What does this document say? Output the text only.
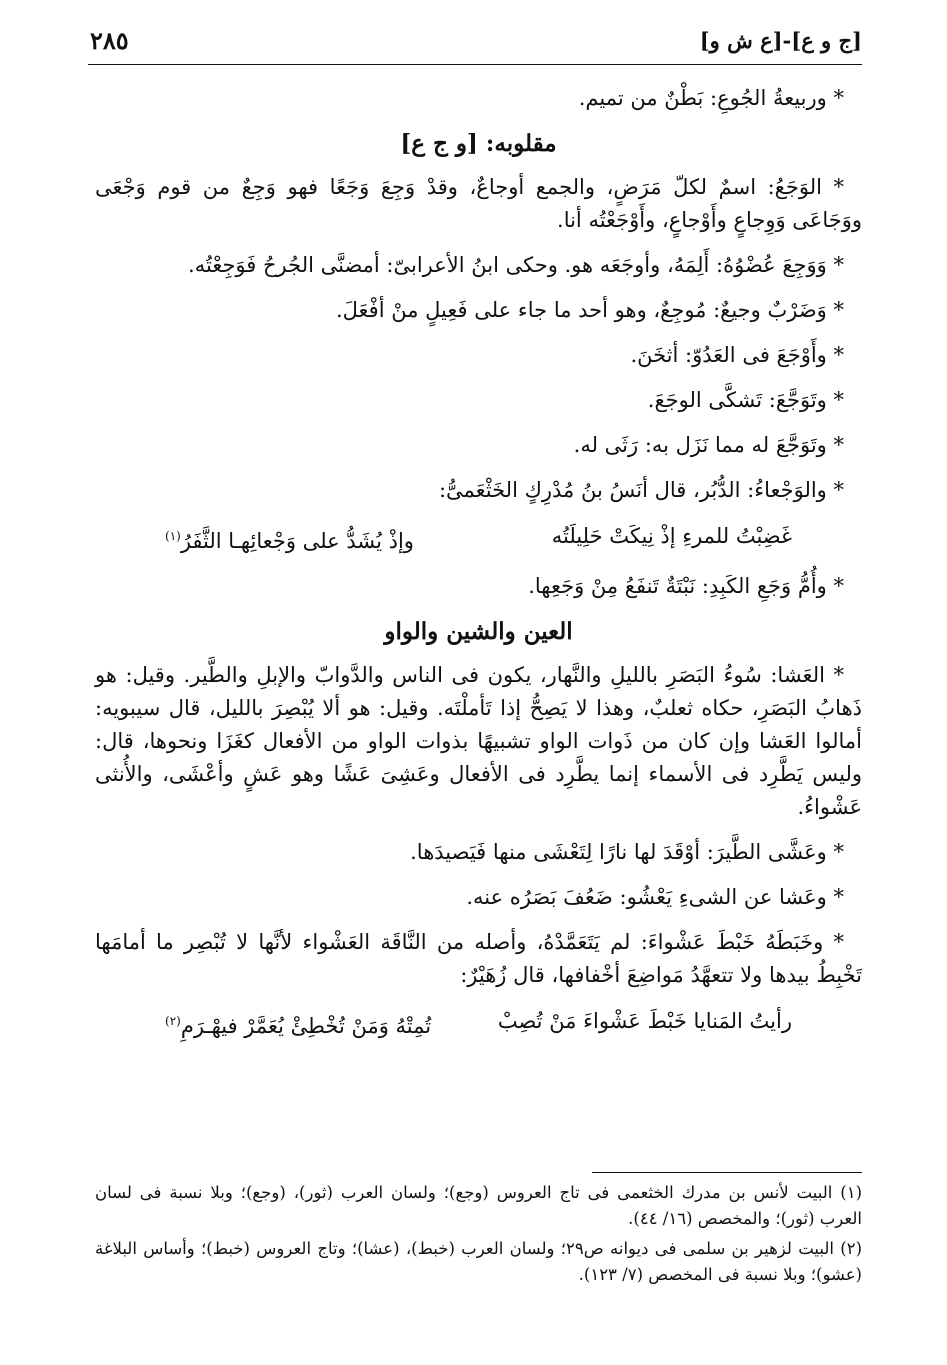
[ج و ع]-[ع ش و]
٢٨٥

* وربيعةُ الجُوعِ: بَطْنٌ من تميم.

مقلوبه: [و ج ع]

* الوَجَعُ: اسمٌ لكلّ مَرَضٍ، والجمع أوجاعٌ، وقدْ وَجِعَ وَجَعًا فهو وَجِعٌ من قوم وَجْعَى ووَجَاعَى وَوِجاعٍ وأَوْجاعٍ، وأَوْجَعْتُه أنا.

* وَوَجِعَ عُضْوُهُ: أَلِمَهُ، وأوجَعَه هو. وحكى ابنُ الأعرابىّ: أمضنَّى الجُرحُ فَوَجِعْتُه.

* وَضَرْبٌ وجيعٌ: مُوجِعٌ، وهو أحد ما جاء على فَعِيلٍ منْ أفْعَلَ.

* وأَوْجَعَ فى العَدُوّ: أثخَنَ.

* وتَوَجَّعَ: تَشكَّى الوجَعَ.

* وتَوَجَّعَ له مما نَزَل به: رَثَى له.

* والوَجْعاءُ: الدُّبُر، قال أنَسُ بنُ مُدْرِكٍ الخَثْعَمىُّ:

غَضِبْتُ للمرءِ إذْ نِيكَتْ حَلِيلَتُه
وإذْ يُشَدُّ على وَجْعائِهـا الثَّفَرُ$^{(١)}$

* وأُمُّ وَجَعِ الكَبِدِ: نَبْتَةٌ تَنفَعُ مِنْ وَجَعِها.

العين والشين والواو

* العَشا: سُوءُ البَصَرِ بالليلِ والنَّهار، يكون فى الناس والدَّوابّ والإبلِ والطَّير. وقيل: هو ذَهابُ البَصَرِ، حكاه ثعلبٌ، وهذا لا يَصِحُّ إذا تَأملْتَه. وقيل: هو ألا يُبْصِرَ بالليل، قال سيبويه: أمالوا العَشا وإن كان من ذَوات الواو تشبيهًا بذوات الواو من الأفعال كغَزَا ونحوها، قال: وليس يَطَّرِد فى الأسماء إنما يطَّرِد فى الأفعال وعَشِىَ عَشًا وهو عَشٍ وأعْشَى، والأُنثى عَشْواءُ.

* وعَشَّى الطَّيرَ: أوْقَدَ لها نارًا لِتَعْشَى منها فَيَصيدَها.

* وعَشا عن الشىءِ يَعْشُو: ضَعُفَ بَصَرُه عنه.

* وخَبَطَهُ خَبْطَ عَشْواءَ: لم يَتَعَمَّدْهُ، وأصله من النَّاقَة العَشْواء لأنَّها لا تُبْصِر ما أمامَها تَخْبِطُ بيدها ولا تتعهَّدُ مَواضِعَ أخْفافها، قال زُهَيْرٌ:

رأيتُ المَنايا خَبْطَ عَشْواءَ مَنْ تُصِبْ
تُمِتْهُ وَمَنْ تُخْطِئْ يُعَمَّرْ فيهْـرَمِ$^{(٢)}$

(١) البيت لأنس بن مدرك الخثعمى فى تاج العروس (وجع)؛ ولسان العرب (ثور)، (وجع)؛ وبلا نسبة فى لسان العرب (ثور)؛ والمخصص (١٦/ ٤٤).

(٢) البيت لزهير بن سلمى فى ديوانه ص٢٩؛ ولسان العرب (خبط)، (عشا)؛ وتاج العروس (خبط)؛ وأساس البلاغة (عشو)؛ وبلا نسبة فى المخصص (٧/ ١٢٣).
